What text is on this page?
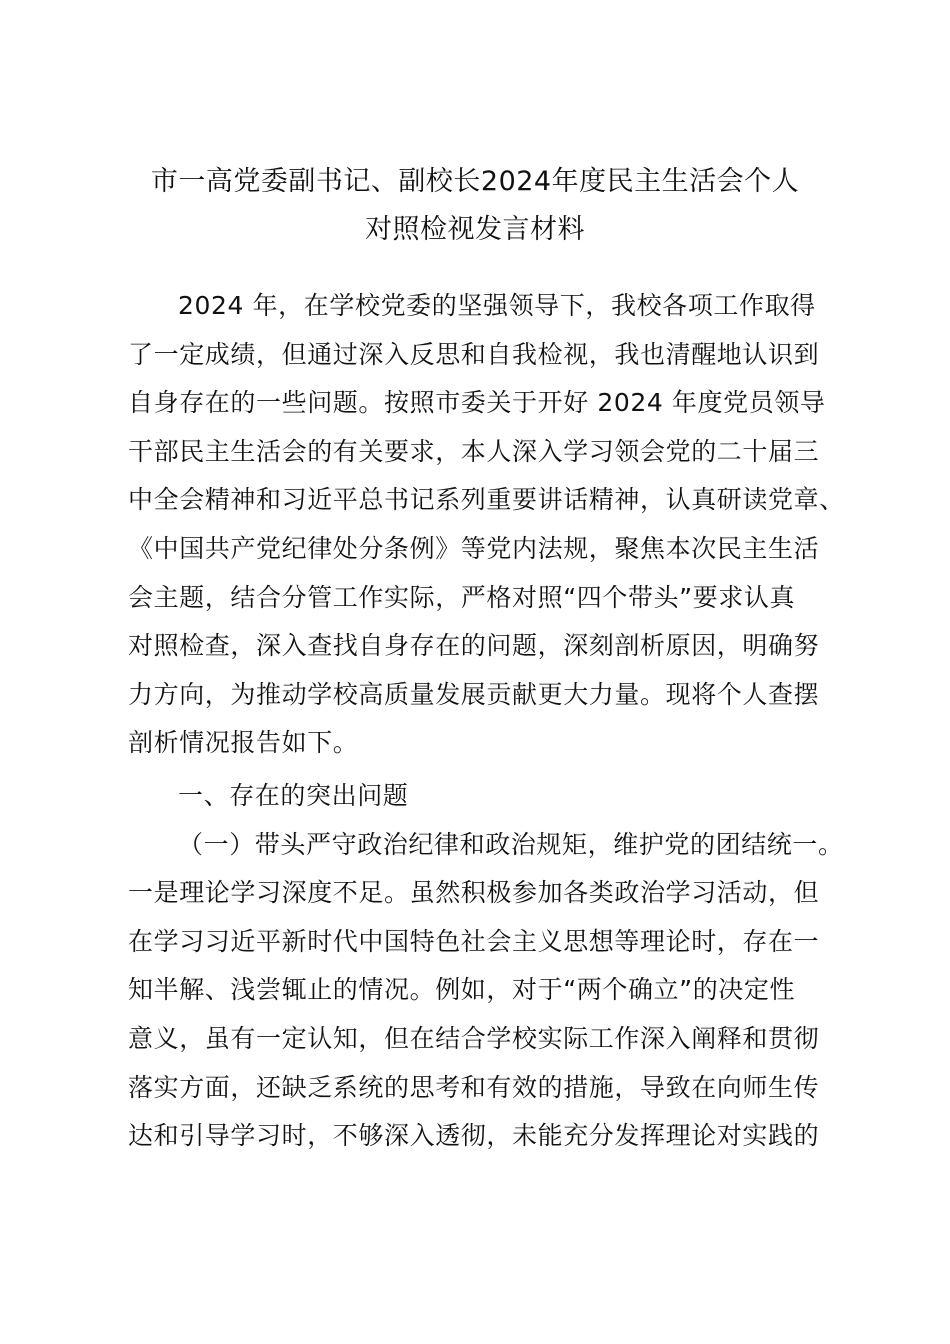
市一高党委副书记、副校长2024年度民主生活会个人
对照检视发言材料

2024 年，在学校党委的坚强领导下，我校各项工作取得

了一定成绩，但通过深入反思和自我检视，我也清醒地认识到

自身存在的一些问题。按照市委关于开好 2024 年度党员领导

干部民主生活会的有关要求，本人深入学习领会党的二十届三

中全会精神和习近平总书记系列重要讲话精神，认真研读党章、

《中国共产党纪律处分条例》等党内法规，聚焦本次民主生活

会主题，结合分管工作实际，严格对照“四个带头”要求认真

对照检查，深入查找自身存在的问题，深刻剖析原因，明确努

力方向，为推动学校高质量发展贡献更大力量。现将个人查摆

剖析情况报告如下。

一、存在的突出问题

（一）带头严守政治纪律和政治规矩，维护党的团结统一。

一是理论学习深度不足。虽然积极参加各类政治学习活动，但

在学习习近平新时代中国特色社会主义思想等理论时，存在一

知半解、浅尝辄止的情况。例如，对于“两个确立”的决定性

意义，虽有一定认知，但在结合学校实际工作深入阐释和贯彻

落实方面，还缺乏系统的思考和有效的措施，导致在向师生传

达和引导学习时，不够深入透彻，未能充分发挥理论对实践的
